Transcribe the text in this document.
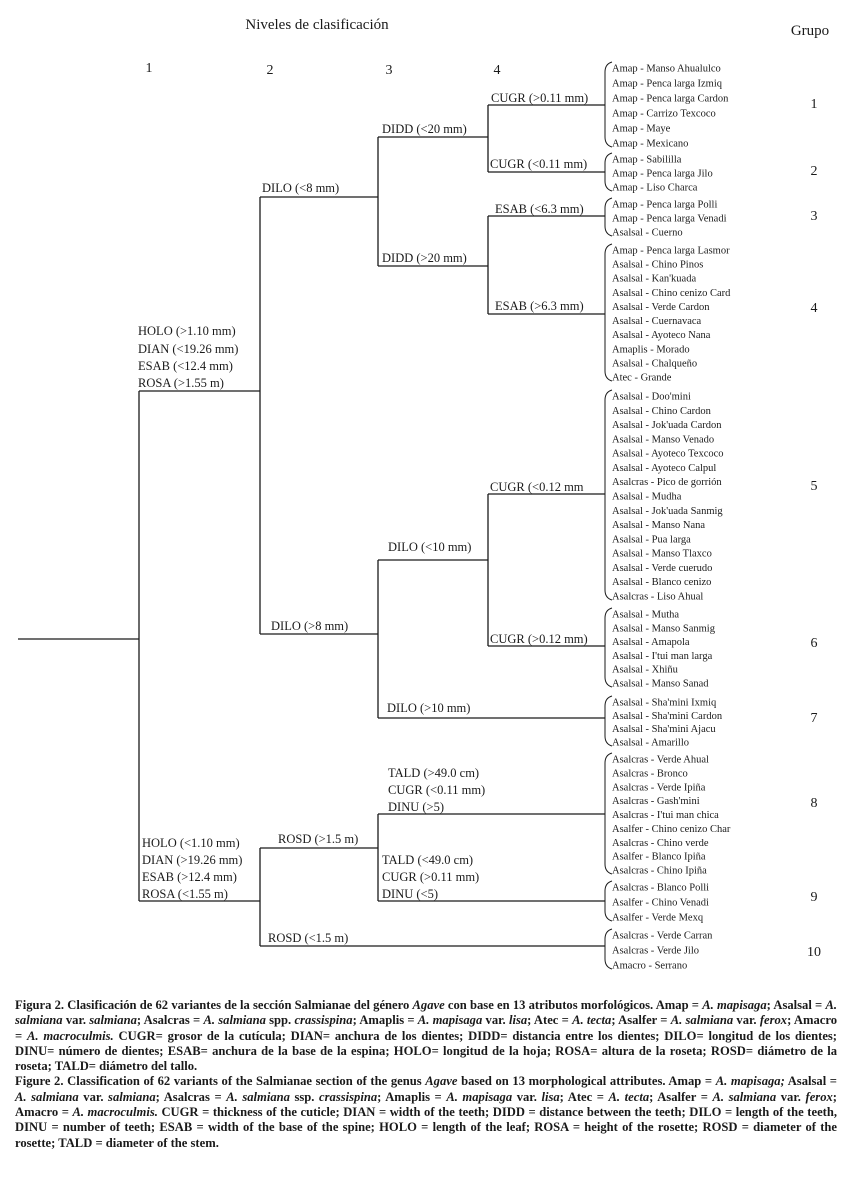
Niveles de clasificación	Grupo
1	2	3	4
HOLO (>1.10 mm)
DIAN (<19.26 mm)
ESAB (<12.4 mm)
ROSA (>1.55 m)
HOLO (<1.10 mm)
DIAN (>19.26 mm)
ESAB (>12.4 mm)
ROSA (<1.55 m)
DILO (<8 mm)
DILO (>8 mm)
ROSD (>1.5 m)
ROSD (<1.5 m)
DIDD (<20 mm)
DIDD (>20 mm)
DILO (<10 mm)
DILO (>10 mm)
TALD (>49.0 cm)
CUGR (<0.11 mm)
DINU (>5)
TALD (<49.0 cm)
CUGR (>0.11 mm)
DINU (<5)
CUGR (>0.11 mm)
CUGR (<0.11 mm)
ESAB (<6.3 mm)
ESAB (>6.3 mm)
CUGR (<0.12 mm
CUGR (>0.12 mm)
Amap - Manso Ahualulco
Amap - Penca larga Izmiq
Amap - Penca larga Cardon
Amap - Carrizo Texcoco
Amap - Maye
Amap - Mexicano
1
Amap - Sabililla
Amap - Penca larga Jilo
Amap - Liso Charca
2
Amap - Penca larga Polli
Amap - Penca larga Venadi
Asalsal - Cuerno
3
Amap - Penca larga Lasmor
Asalsal - Chino Pinos
Asalsal - Kan'kuada
Asalsal - Chino cenizo Card
Asalsal - Verde Cardon
Asalsal - Cuernavaca
Asalsal - Ayoteco Nana
Amaplis - Morado
Asalsal - Chalqueño
Atec - Grande
4
Asalsal - Doo'mini
Asalsal - Chino Cardon
Asalsal - Jok'uada Cardon
Asalsal - Manso Venado
Asalsal - Ayoteco Texcoco
Asalsal - Ayoteco Calpul
Asalcras - Pico de gorrión
Asalsal - Mudha
Asalsal - Jok'uada Sanmig
Asalsal - Manso Nana
Asalsal - Pua larga
Asalsal - Manso Tlaxco
Asalsal - Verde cuerudo
Asalsal - Blanco cenizo
Asalcras - Liso Ahual
5
Asalsal - Mutha
Asalsal - Manso Sanmig
Asalsal - Amapola
Asalsal - I'tui man larga
Asalsal - Xhiñu
Asalsal - Manso Sanad
6
Asalsal - Sha'mini Ixmiq
Asalsal - Sha'mini Cardon
Asalsal - Sha'mini Ajacu
Asalsal - Amarillo
7
Asalcras - Verde Ahual
Asalcras - Bronco
Asalcras - Verde Ipiña
Asalcras - Gash'mini
Asalcras - I'tui man chica
Asalfer - Chino cenizo Char
Asalcras - Chino verde
Asalfer - Blanco Ipiña
Asalcras - Chino Ipiña
8
Asalcras - Blanco Polli
Asalfer - Chino Venadi
Asalfer - Verde Mexq
9
Asalcras - Verde Carran
Asalcras - Verde Jilo
Amacro - Serrano
10

Figura 2. Clasificación de 62 variantes de la sección Salmianae del género Agave con base en 13 atributos morfológicos. Amap = A. mapisaga; Asalsal = A. salmiana var. salmiana; Asalcras = A. salmiana spp. crassispina; Amaplis = A. mapisaga var. lisa; Atec = A. tecta; Asalfer = A. salmiana var. ferox; Amacro = A. macroculmis. CUGR= grosor de la cutícula; DIAN= anchura de los dientes; DIDD= distancia entre los dientes; DILO= longitud de los dientes; DINU= número de dientes; ESAB= anchura de la base de la espina; HOLO= longitud de la hoja; ROSA= altura de la roseta; ROSD= diámetro de la roseta; TALD= diámetro del tallo.

Figure 2. Classification of 62 variants of the Salmianae section of the genus Agave based on 13 morphological attributes. Amap = A. mapisaga; Asalsal = A. salmiana var. salmiana; Asalcras = A. salmiana ssp. crassispina; Amaplis = A. mapisaga var. lisa; Atec = A. tecta; Asalfer = A. salmiana var. ferox; Amacro = A. macroculmis. CUGR = thickness of the cuticle; DIAN = width of the teeth; DIDD = distance between the teeth; DILO = length of the teeth, DINU = number of teeth; ESAB = width of the base of the spine; HOLO = length of the leaf; ROSA = height of the rosette; ROSD = diameter of the rosette; TALD = diameter of the stem.
